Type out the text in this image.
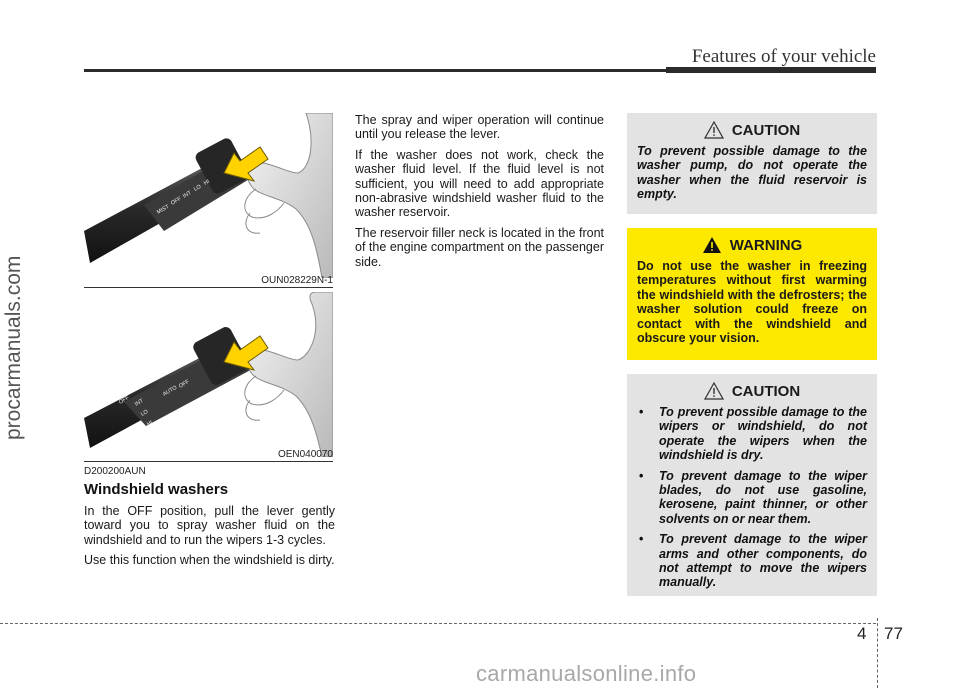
Features of your vehicle
procarmanuals.com
carmanualsonline.info
MIST
OFF
INT
LO
HI
OUN028229N-1
OFF
AUTO
OFF
INT
LO
HI
OEN040070
D200200AUN
Windshield washers

In the OFF position, pull the lever gently toward you to spray washer fluid on the windshield and to run the wipers 1-3 cycles.

Use this function when the windshield is dirty.

The spray and wiper operation will continue until you release the lever.

If the washer does not work, check the washer fluid level. If the fluid level is not sufficient, you will need to add appropriate non-abrasive windshield washer fluid to the washer reservoir.

The reservoir filler neck is located in the front of the engine compartment on the passenger side.

CAUTION
To prevent possible damage to the washer pump, do not operate the washer when the fluid reservoir is empty.
WARNING
Do not use the washer in freezing temperatures without first warming the windshield with the defrosters; the washer solution could freeze on contact with the windshield and obscure your vision.
CAUTION
• To prevent possible damage to the wipers or windshield, do not operate the wipers when the windshield is dry.
• To prevent damage to the wiper blades, do not use gasoline, kerosene, paint thinner, or other solvents on or near them.
• To prevent damage to the wiper arms and other components, do not attempt to move the wipers manually.
4 77
